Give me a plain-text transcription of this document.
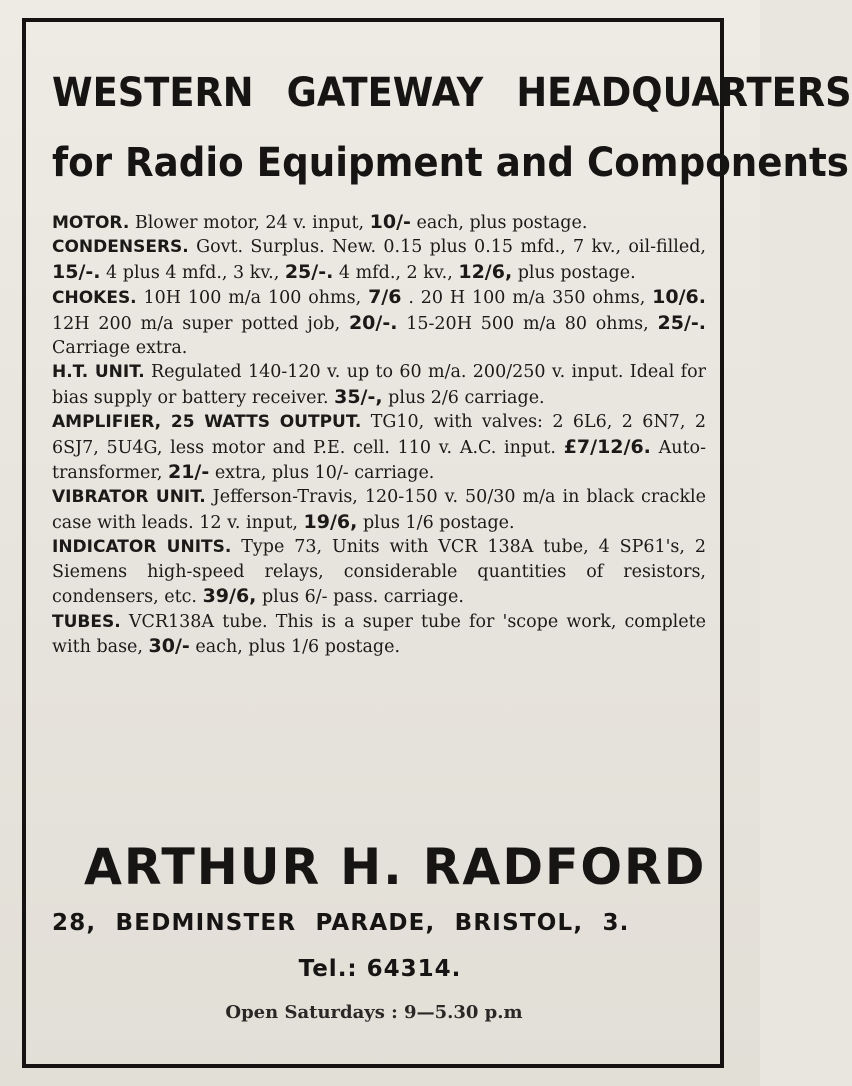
WESTERN GATEWAY HEADQUARTERS
for Radio Equipment and Components

MOTOR. Blower motor, 24 v. input, 10/- each, plus postage.

CONDENSERS. Govt. Surplus. New. 0.15 plus 0.15 mfd., 7 kv., oil-filled, 15/-. 4 plus 4 mfd., 3 kv., 25/-. 4 mfd., 2 kv., 12/6, plus postage.

CHOKES. 10H 100 m/a 100 ohms, 7/6 . 20 H 100 m/a 350 ohms, 10/6. 12H 200 m/a super potted job, 20/-. 15-20H 500 m/a 80 ohms, 25/-. Carriage extra.

H.T. UNIT. Regulated 140-120 v. up to 60 m/a. 200/250 v. input. Ideal for bias supply or battery receiver. 35/-, plus 2/6 carriage.

AMPLIFIER, 25 WATTS OUTPUT. TG10, with valves: 2 6L6, 2 6N7, 2 6SJ7, 5U4G, less motor and P.E. cell. 110 v. A.C. input. £7/12/6. Auto-transformer, 21/- extra, plus 10/- carriage.

VIBRATOR UNIT. Jefferson-Travis, 120-150 v. 50/30 m/a in black crackle case with leads. 12 v. input, 19/6, plus 1/6 postage.

INDICATOR UNITS. Type 73, Units with VCR 138A tube, 4 SP61's, 2 Siemens high-speed relays, considerable quantities of resistors, condensers, etc. 39/6, plus 6/- pass. carriage.

TUBES. VCR138A tube. This is a super tube for 'scope work, complete with base, 30/- each, plus 1/6 postage.

ARTHUR H. RADFORD
28, BEDMINSTER PARADE, BRISTOL, 3.
Tel.: 64314.
Open Saturdays : 9—5.30 p.m
